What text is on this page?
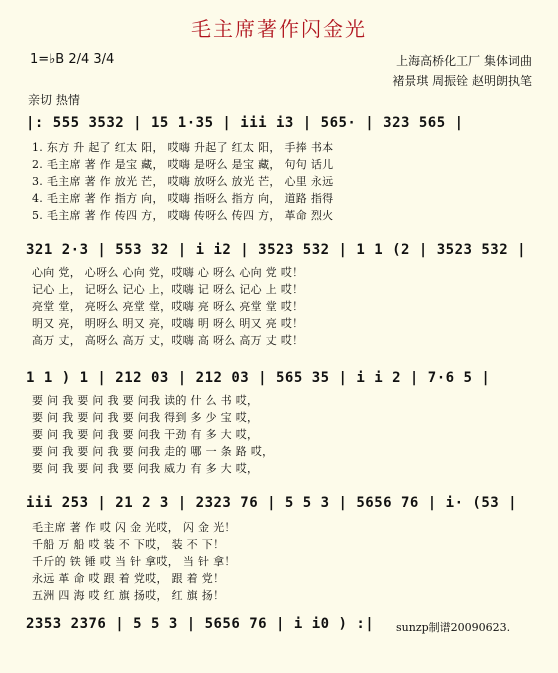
毛主席著作闪金光
1=♭B 2/4 3/4	上海高桥化工厂 集体词曲
褚景琪 周振铨 赵明朗执笔
亲切 热情
|: 555 3532 | 15 1·35 | iii i3 | 565· | 323 565 |
1. 东方 升 起了 红太 阳， 哎嗨 升起了 红太 阳， 手捧 书本
2. 毛主席 著 作 是宝 藏， 哎嗨 是呀么 是宝 藏， 句句 话儿
3. 毛主席 著 作 放光 芒， 哎嗨 放呀么 放光 芒， 心里 永远
4. 毛主席 著 作 指方 向， 哎嗨 指呀么 指方 向， 道路 指得
5. 毛主席 著 作 传四 方， 哎嗨 传呀么 传四 方， 革命 烈火
321 2·3 | 553 32 | i i2 | 3523 532 | 1 1 (2 | 3523 532 |
心向 党， 心呀么 心向 党，哎嗨 心 呀么 心向 党 哎！
记心 上， 记呀么 记心 上，哎嗨 记 呀么 记心 上 哎！
亮堂 堂， 亮呀么 亮堂 堂，哎嗨 亮 呀么 亮堂 堂 哎！
明又 亮， 明呀么 明又 亮，哎嗨 明 呀么 明又 亮 哎！
高万 丈， 高呀么 高万 丈，哎嗨 高 呀么 高万 丈 哎！
1 1 ) 1 | 212 03 | 212 03 | 565 35 | i i 2 | 7·6 5 |
要 问 我 要 问 我 要 问我 读的 什 么 书 哎，
要 问 我 要 问 我 要 问我 得到 多 少 宝 哎，
要 问 我 要 问 我 要 问我 干劲 有 多 大 哎，
要 问 我 要 问 我 要 问我 走的 哪 一 条 路 哎，
要 问 我 要 问 我 要 问我 威力 有 多 大 哎，
iii 253 | 21 2 3 | 2323 76 | 5 5 3 | 5656 76 | i· (53 |
毛主席 著 作 哎 闪 金 光哎， 闪 金 光！
千船 万 船 哎 装 不 下哎， 装 不 下！
千斤的 铁 锤 哎 当 针 拿哎， 当 针 拿！
永远 革 命 哎 跟 着 党哎， 跟 着 党！
五洲 四 海 哎 红 旗 扬哎， 红 旗 扬！
2353 2376 | 5 5 3 | 5656 76 | i i0 ) :| sunzp制谱20090623.
